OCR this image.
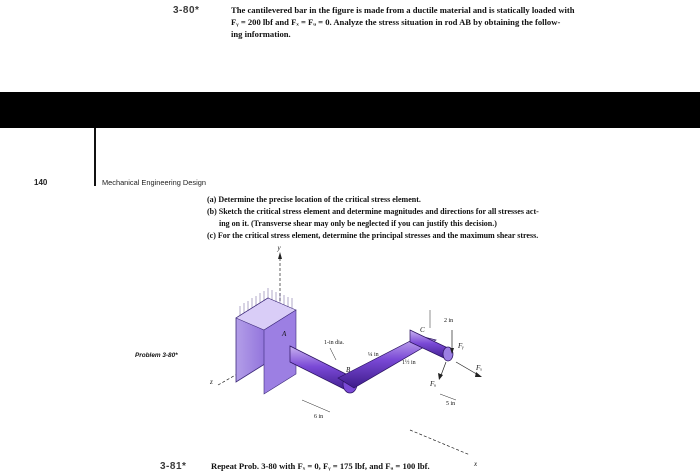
3-80*	The cantilevered bar in the figure is made from a ductile material and is statically loaded with
Fᵧ = 200 lbf and Fₓ = Fᵤ = 0. Analyze the stress situation in rod AB by obtaining the follow-
ing information.
140	Mechanical Engineering Design
(a) Determine the precise location of the critical stress element.
(b) Sketch the critical stress element and determine magnitudes and directions for all stresses act-
ing on it. (Transverse shear may only be neglected if you can justify this decision.)
(c) For the critical stress element, determine the principal stresses and the maximum shear stress.
Problem 3-80*
y
z
x
A
B
C
1-in dia.
¼ in
1½ in
2 in
6 in
5 in
Fᵧ
Fₓ
Fᵤ
3-81*	Repeat Prob. 3-80 with Fₓ = 0, Fᵧ = 175 lbf, and Fᵤ = 100 lbf.
